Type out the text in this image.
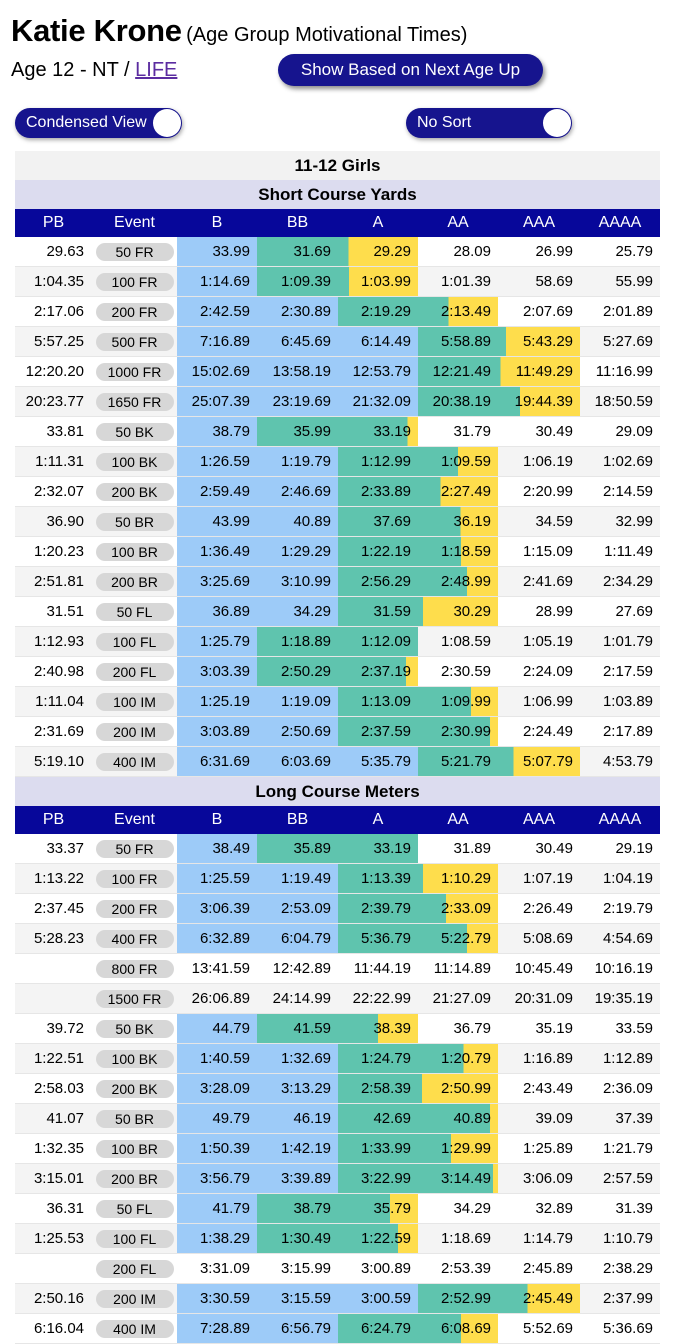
Katie Krone (Age Group Motivational Times)
Age 12 - NT / LIFE	Show Based on Next Age Up
Condensed View	No Sort
11-12 Girls							
Short Course Yards							
PB	Event	B	BB	A	AA	AAA	AAAA
29.63	50 FR	33.99	31.69	29.29	28.09	26.99	25.79
1:04.35	100 FR	1:14.69	1:09.39	1:03.99	1:01.39	58.69	55.99
2:17.06	200 FR	2:42.59	2:30.89	2:19.29	2:13.49	2:07.69	2:01.89
5:57.25	500 FR	7:16.89	6:45.69	6:14.49	5:58.89	5:43.29	5:27.69
12:20.20	1000 FR	15:02.69	13:58.19	12:53.79	12:21.49	11:49.29	11:16.99
20:23.77	1650 FR	25:07.39	23:19.69	21:32.09	20:38.19	19:44.39	18:50.59
33.81	50 BK	38.79	35.99	33.19	31.79	30.49	29.09
1:11.31	100 BK	1:26.59	1:19.79	1:12.99	1:09.59	1:06.19	1:02.69
2:32.07	200 BK	2:59.49	2:46.69	2:33.89	2:27.49	2:20.99	2:14.59
36.90	50 BR	43.99	40.89	37.69	36.19	34.59	32.99
1:20.23	100 BR	1:36.49	1:29.29	1:22.19	1:18.59	1:15.09	1:11.49
2:51.81	200 BR	3:25.69	3:10.99	2:56.29	2:48.99	2:41.69	2:34.29
31.51	50 FL	36.89	34.29	31.59	30.29	28.99	27.69
1:12.93	100 FL	1:25.79	1:18.89	1:12.09	1:08.59	1:05.19	1:01.79
2:40.98	200 FL	3:03.39	2:50.29	2:37.19	2:30.59	2:24.09	2:17.59
1:11.04	100 IM	1:25.19	1:19.09	1:13.09	1:09.99	1:06.99	1:03.89
2:31.69	200 IM	3:03.89	2:50.69	2:37.59	2:30.99	2:24.49	2:17.89
5:19.10	400 IM	6:31.69	6:03.69	5:35.79	5:21.79	5:07.79	4:53.79
Long Course Meters							
PB	Event	B	BB	A	AA	AAA	AAAA
33.37	50 FR	38.49	35.89	33.19	31.89	30.49	29.19
1:13.22	100 FR	1:25.59	1:19.49	1:13.39	1:10.29	1:07.19	1:04.19
2:37.45	200 FR	3:06.39	2:53.09	2:39.79	2:33.09	2:26.49	2:19.79
5:28.23	400 FR	6:32.89	6:04.79	5:36.79	5:22.79	5:08.69	4:54.69
	800 FR	13:41.59	12:42.89	11:44.19	11:14.89	10:45.49	10:16.19
	1500 FR	26:06.89	24:14.99	22:22.99	21:27.09	20:31.09	19:35.19
39.72	50 BK	44.79	41.59	38.39	36.79	35.19	33.59
1:22.51	100 BK	1:40.59	1:32.69	1:24.79	1:20.79	1:16.89	1:12.89
2:58.03	200 BK	3:28.09	3:13.29	2:58.39	2:50.99	2:43.49	2:36.09
41.07	50 BR	49.79	46.19	42.69	40.89	39.09	37.39
1:32.35	100 BR	1:50.39	1:42.19	1:33.99	1:29.99	1:25.89	1:21.79
3:15.01	200 BR	3:56.79	3:39.89	3:22.99	3:14.49	3:06.09	2:57.59
36.31	50 FL	41.79	38.79	35.79	34.29	32.89	31.39
1:25.53	100 FL	1:38.29	1:30.49	1:22.59	1:18.69	1:14.79	1:10.79
	200 FL	3:31.09	3:15.99	3:00.89	2:53.39	2:45.89	2:38.29
2:50.16	200 IM	3:30.59	3:15.59	3:00.59	2:52.99	2:45.49	2:37.99
6:16.04	400 IM	7:28.89	6:56.79	6:24.79	6:08.69	5:52.69	5:36.69
